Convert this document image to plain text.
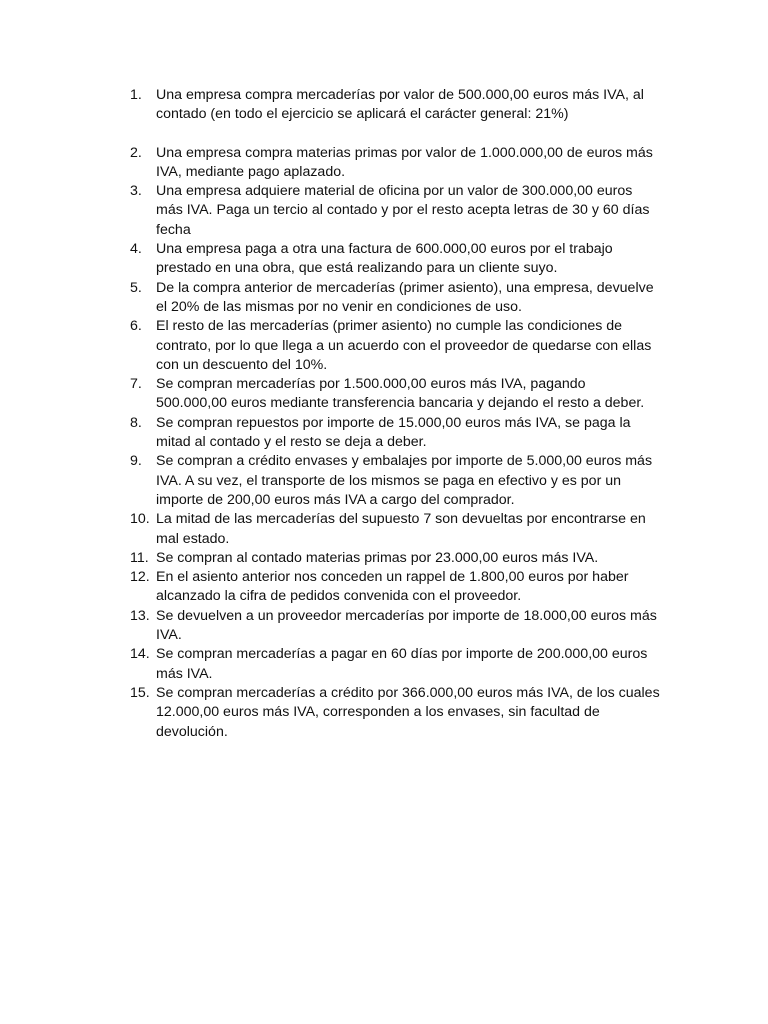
1. Una empresa compra mercaderías por valor de 500.000,00 euros más IVA, al contado (en todo el ejercicio se aplicará el carácter general: 21%)
2. Una empresa compra materias primas por valor de 1.000.000,00 de euros más IVA, mediante pago aplazado.
3. Una empresa adquiere material de oficina por un valor de 300.000,00 euros más IVA. Paga un tercio al contado y por el resto acepta letras de 30 y 60 días fecha
4. Una empresa paga a otra una factura de 600.000,00 euros por el trabajo prestado en una obra, que está realizando para un cliente suyo.
5. De la compra anterior de mercaderías (primer asiento), una empresa, devuelve el 20% de las mismas por no venir en condiciones de uso.
6. El resto de las mercaderías (primer asiento) no cumple las condiciones de contrato, por lo que llega a un acuerdo con el proveedor de quedarse con ellas con un descuento del 10%.
7. Se compran mercaderías por 1.500.000,00 euros más IVA, pagando 500.000,00 euros mediante transferencia bancaria y dejando el resto a deber.
8. Se compran repuestos por importe de 15.000,00 euros más IVA, se paga la mitad al contado y el resto se deja a deber.
9. Se compran a crédito envases y embalajes por importe de 5.000,00 euros más IVA. A su vez, el transporte de los mismos se paga en efectivo y es por un importe de 200,00 euros más IVA a cargo del comprador.
10. La mitad de las mercaderías del supuesto 7 son devueltas por encontrarse en mal estado.
11. Se compran al contado materias primas por 23.000,00 euros más IVA.
12. En el asiento anterior nos conceden un rappel de 1.800,00 euros por haber alcanzado la cifra de pedidos convenida con el proveedor.
13. Se devuelven a un proveedor mercaderías por importe de 18.000,00 euros más IVA.
14. Se compran mercaderías a pagar en 60 días por importe de 200.000,00 euros más IVA.
15. Se compran mercaderías a crédito por 366.000,00 euros más IVA, de los cuales 12.000,00 euros más IVA, corresponden a los envases, sin facultad de devolución.
